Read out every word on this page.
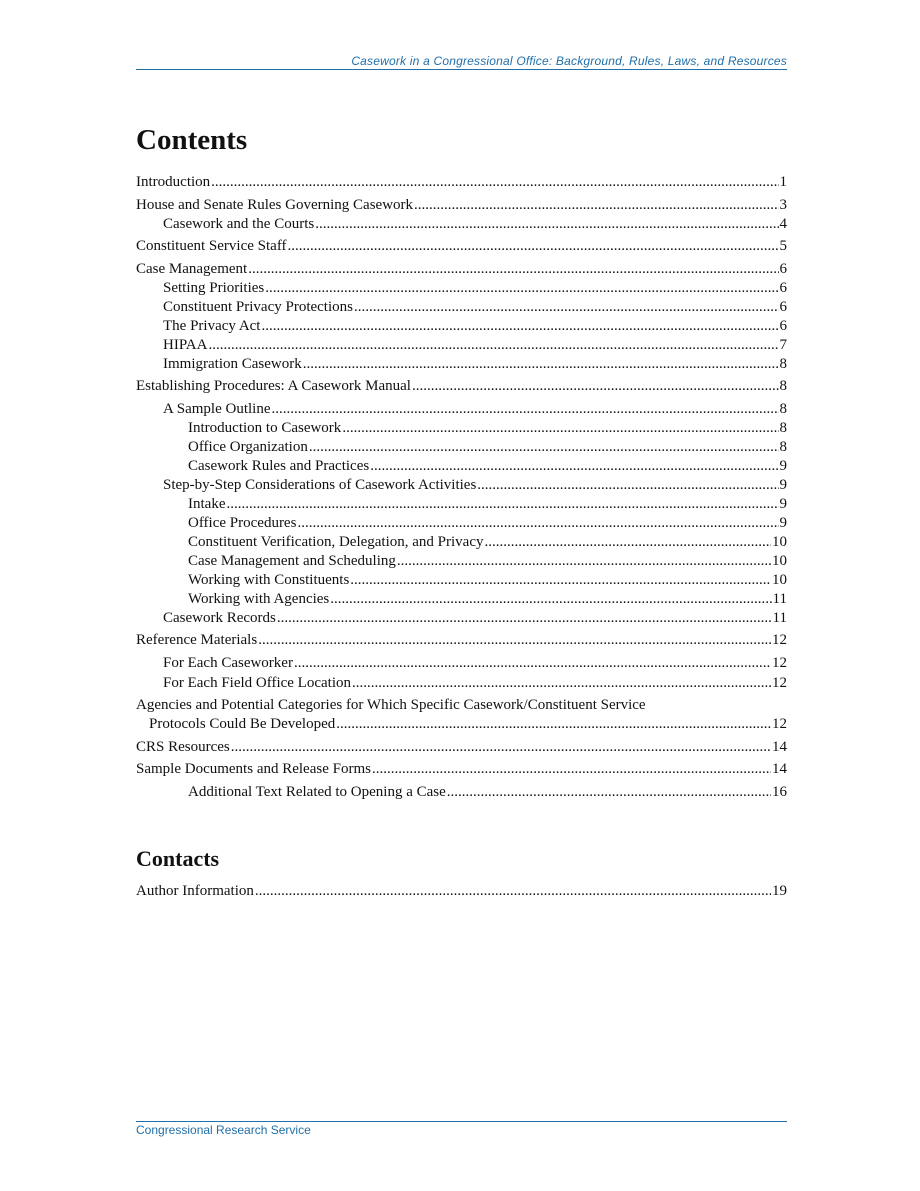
Casework in a Congressional Office: Background, Rules, Laws, and Resources
Contents
Introduction .....	1
House and Senate Rules Governing Casework .....	3
Casework and the Courts .....	4
Constituent Service Staff .....	5
Case Management .....	6
Setting Priorities .....	6
Constituent Privacy Protections .....	6
The Privacy Act .....	6
HIPAA .....	7
Immigration Casework .....	8
Establishing Procedures: A Casework Manual .....	8
A Sample Outline .....	8
Introduction to Casework .....	8
Office Organization .....	8
Casework Rules and Practices .....	9
Step-by-Step Considerations of Casework Activities .....	9
Intake .....	9
Office Procedures .....	9
Constituent Verification, Delegation, and Privacy .....	10
Case Management and Scheduling .....	10
Working with Constituents .....	10
Working with Agencies .....	11
Casework Records .....	11
Reference Materials .....	12
For Each Caseworker .....	12
For Each Field Office Location .....	12
Agencies and Potential Categories for Which Specific Casework/Constituent Service
Protocols Could Be Developed .....	12
CRS Resources .....	14
Sample Documents and Release Forms .....	14
Additional Text Related to Opening a Case .....	16
Contacts
Author Information .....	19
Congressional Research Service
